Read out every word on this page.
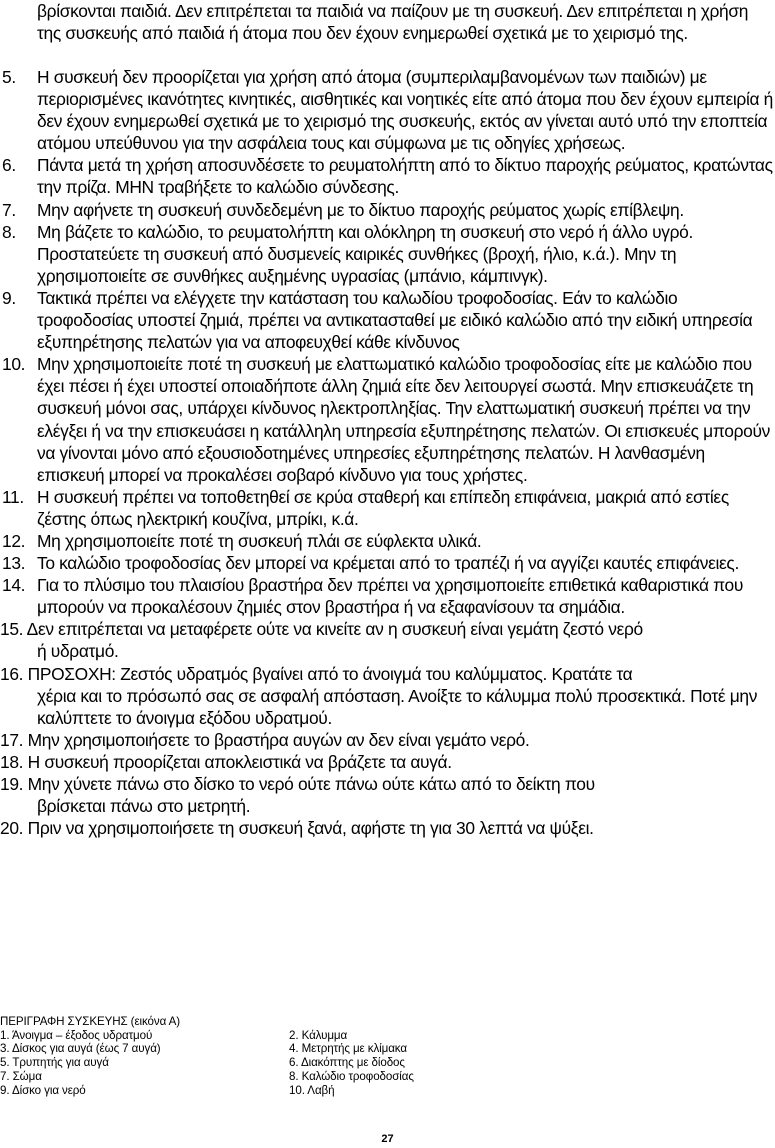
βρίσκονται παιδιά. Δεν επιτρέπεται τα παιδιά να παίζουν με τη συσκευή. Δεν επιτρέπεται η χρήση της συσκευής από παιδιά ή άτομα που δεν έχουν ενημερωθεί σχετικά με το χειρισμό της.
5. Η συσκευή δεν προορίζεται για χρήση από άτομα (συμπεριλαμβανομένων των παιδιών) με περιορισμένες ικανότητες κινητικές, αισθητικές και νοητικές είτε από άτομα που δεν έχουν εμπειρία ή δεν έχουν ενημερωθεί σχετικά με το χειρισμό της συσκευής, εκτός αν γίνεται αυτό υπό την εποπτεία ατόμου υπεύθυνου για την ασφάλεια τους και σύμφωνα με τις οδηγίες χρήσεως.
6. Πάντα μετά τη χρήση αποσυνδέσετε το ρευματολήπτη από το δίκτυο παροχής ρεύματος, κρατώντας την πρίζα. ΜΗΝ τραβήξετε το καλώδιο σύνδεσης.
7. Μην αφήνετε τη συσκευή συνδεδεμένη με το δίκτυο παροχής ρεύματος χωρίς επίβλεψη.
8. Μη βάζετε το καλώδιο, το ρευματολήπτη και ολόκληρη τη συσκευή στο νερό ή άλλο υγρό. Προστατεύετε τη συσκευή από δυσμενείς καιρικές συνθήκες (βροχή, ήλιο, κ.ά.). Μην τη χρησιμοποιείτε σε συνθήκες αυξημένης υγρασίας (μπάνιο, κάμπινγκ).
9. Τακτικά πρέπει να ελέγχετε την κατάσταση του καλωδίου τροφοδοσίας. Εάν το καλώδιο τροφοδοσίας υποστεί ζημιά, πρέπει να αντικατασταθεί με ειδικό καλώδιο από την ειδική υπηρεσία εξυπηρέτησης πελατών για να αποφευχθεί κάθε κίνδυνος
10. Μην χρησιμοποιείτε ποτέ τη συσκευή με ελαττωματικό καλώδιο τροφοδοσίας είτε με καλώδιο που έχει πέσει ή έχει υποστεί οποιαδήποτε άλλη ζημιά είτε δεν λειτουργεί σωστά. Μην επισκευάζετε τη συσκευή μόνοι σας, υπάρχει κίνδυνος ηλεκτροπληξίας. Την ελαττωματική συσκευή πρέπει να την ελέγξει ή να την επισκευάσει η κατάλληλη υπηρεσία εξυπηρέτησης πελατών. Οι επισκευές μπορούν να γίνονται μόνο από εξουσιοδοτημένες υπηρεσίες εξυπηρέτησης πελατών. Η λανθασμένη επισκευή μπορεί να προκαλέσει σοβαρό κίνδυνο για τους χρήστες.
11. Η συσκευή πρέπει να τοποθετηθεί σε κρύα σταθερή και επίπεδη επιφάνεια, μακριά από εστίες ζέστης όπως ηλεκτρική κουζίνα, μπρίκι, κ.ά.
12. Μη χρησιμοποιείτε ποτέ τη συσκευή πλάι σε εύφλεκτα υλικά.
13. Το καλώδιο τροφοδοσίας δεν μπορεί να κρέμεται από το τραπέζι ή να αγγίζει καυτές επιφάνειες.
14. Για το πλύσιμο του πλαισίου βραστήρα δεν πρέπει να χρησιμοποιείτε επιθετικά καθαριστικά που μπορούν να προκαλέσουν ζημιές στον βραστήρα ή να εξαφανίσουν τα σημάδια.
15. Δεν επιτρέπεται να μεταφέρετε ούτε να κινείτε αν η συσκευή είναι γεμάτη ζεστό νερό
ή υδρατμό.
16. ΠΡΟΣΟΧΗ: Ζεστός υδρατμός βγαίνει από το άνοιγμά του καλύμματος. Κρατάτε τα
χέρια και το πρόσωπό σας σε ασφαλή απόσταση. Ανοίξτε το κάλυμμα πολύ προσεκτικά. Ποτέ μην καλύπτετε το άνοιγμα εξόδου υδρατμού.
17. Μην χρησιμοποιήσετε το βραστήρα αυγών αν δεν είναι γεμάτο νερό.
18. Η συσκευή προορίζεται αποκλειστικά να βράζετε τα αυγά.
19. Μην χύνετε πάνω στο δίσκο το νερό ούτε πάνω ούτε κάτω από το δείκτη που
βρίσκεται πάνω στο μετρητή.
20. Πριν να χρησιμοποιήσετε τη συσκευή ξανά, αφήστε τη για 30 λεπτά να ψύξει.
ΠΕΡΙΓΡΑΦΗ ΣΥΣΚΕΥΗΣ (εικόνα Α)
1. Άνοιγμα – έξοδος υδρατμού	2. Κάλυμμα
3. Δίσκος για αυγά (έως 7 αυγά)	4. Μετρητής με κλίμακα
5. Τρυπητής για αυγά	6. Διακόπτης με δίοδος
7. Σώμα	8. Καλώδιο τροφοδοσίας
9. Δίσκο για νερό	10. Λαβή
27
